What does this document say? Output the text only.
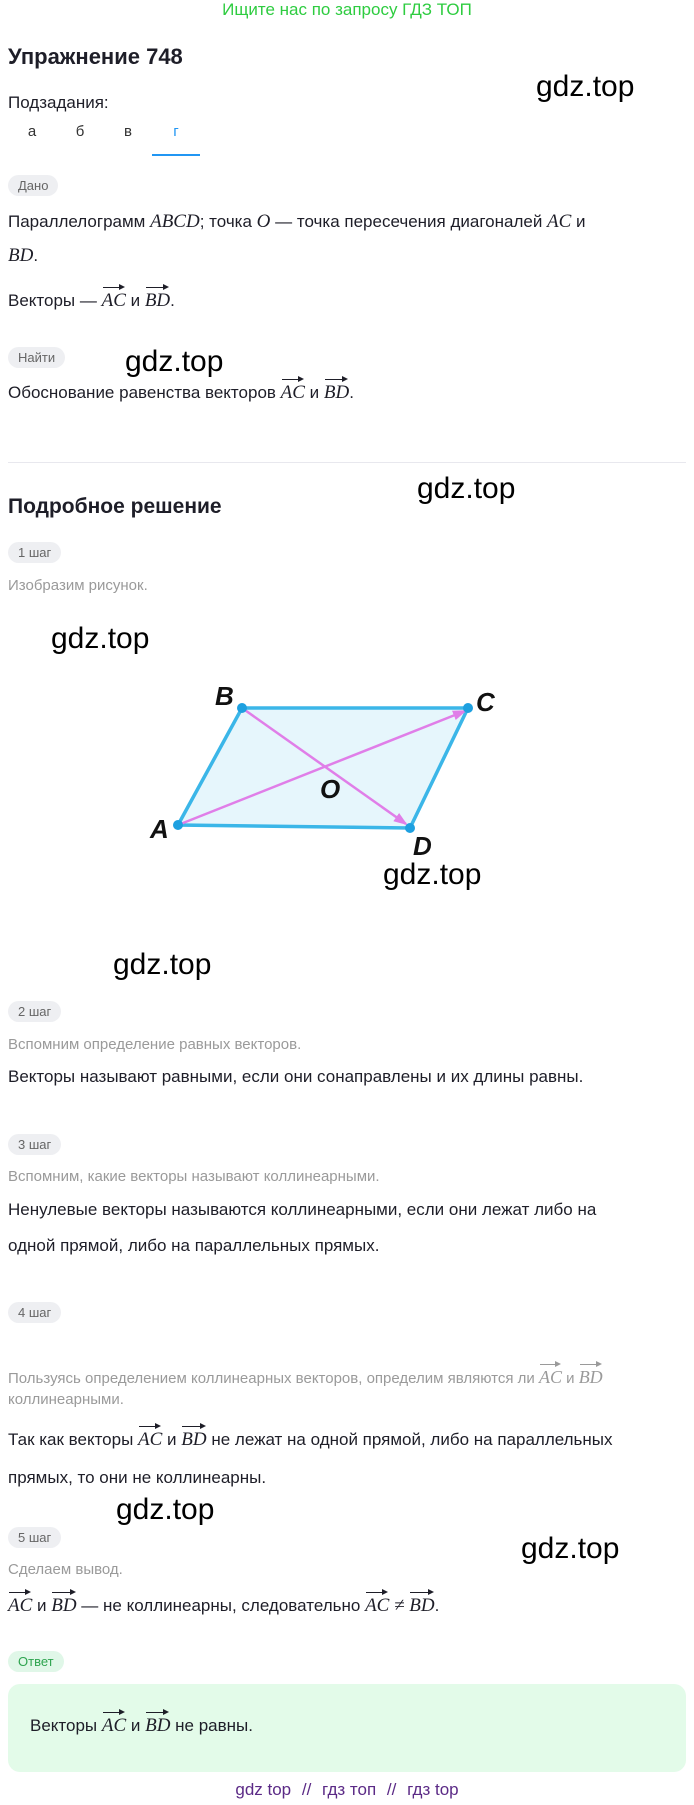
Ищите нас по запросу ГДЗ ТОП
Упражнение 748
gdz.top
gdz.top
gdz.top
gdz.top
gdz.top
gdz.top
gdz.top
gdz.top
Подзадания:
а	б	в	г
Дано
Параллелограмм ABCD; точка O — точка пересечения диагоналей AC и
BD.
Векторы — AC и BD.
Найти
Обоснование равенства векторов AC и BD.
Подробное решение
1 шаг
Изобразим рисунок.
A
B	C
D
O
2 шаг
Вспомним определение равных векторов.
Векторы называют равными, если они сонаправлены и их длины равны.
3 шаг
Вспомним, какие векторы называют коллинеарными.
Ненулевые векторы называются коллинеарными, если они лежат либо на
одной прямой, либо на параллельных прямых.
4 шаг
Пользуясь определением коллинеарных векторов, определим являются ли AC и BD
коллинеарными.
Так как векторы AC и BD не лежат на одной прямой, либо на параллельных
прямых, то они не коллинеарны.
5 шаг
Сделаем вывод.
AC и BD — не коллинеарны, следовательно AC ≠ BD.
Ответ
Векторы AC и BD не равны.
gdz top // гдз топ // гдз top
